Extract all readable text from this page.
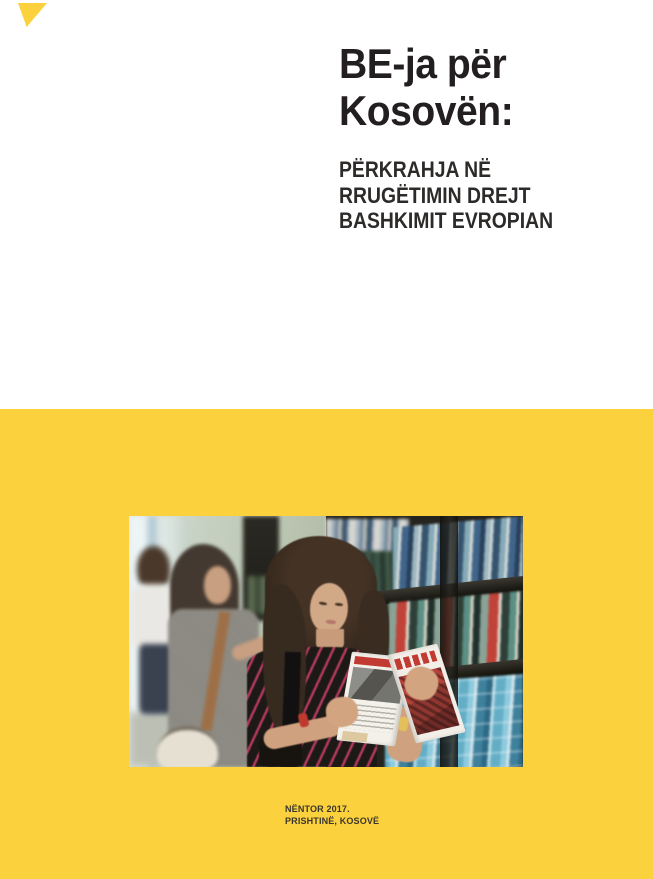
BE-ja për
Kosovën:
PËRKRAHJA NË
RRUGËTIMIN DREJT
BASHKIMIT EVROPIAN
NËNTOR 2017.
PRISHTINË, KOSOVË
